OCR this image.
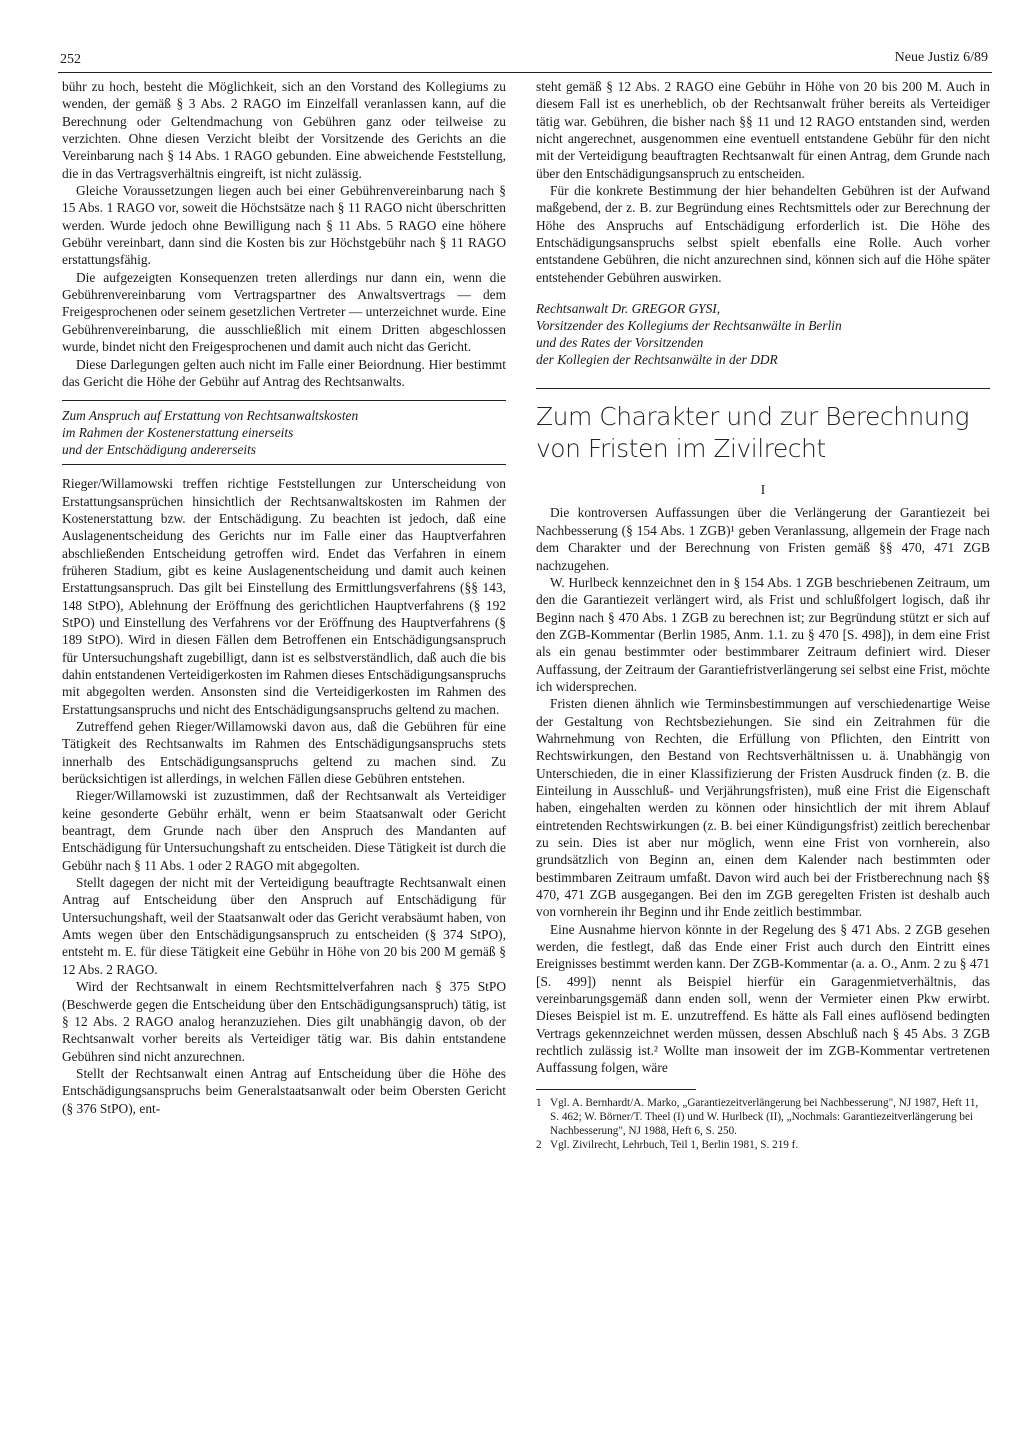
252	Neue Justiz 6/89

bühr zu hoch, besteht die Möglichkeit, sich an den Vorstand des Kollegiums zu wenden, der gemäß § 3 Abs. 2 RAGO im Einzelfall veranlassen kann, auf die Berechnung oder Geltendmachung von Gebühren ganz oder teilweise zu verzichten. Ohne diesen Verzicht bleibt der Vorsitzende des Gerichts an die Vereinbarung nach § 14 Abs. 1 RAGO gebunden. Eine abweichende Feststellung, die in das Vertragsverhältnis eingreift, ist nicht zulässig.

Gleiche Voraussetzungen liegen auch bei einer Gebührenvereinbarung nach § 15 Abs. 1 RAGO vor, soweit die Höchstsätze nach § 11 RAGO nicht überschritten werden. Wurde jedoch ohne Bewilligung nach § 11 Abs. 5 RAGO eine höhere Gebühr vereinbart, dann sind die Kosten bis zur Höchstgebühr nach § 11 RAGO erstattungsfähig.

Die aufgezeigten Konsequenzen treten allerdings nur dann ein, wenn die Gebührenvereinbarung vom Vertragspartner des Anwaltsvertrags — dem Freigesprochenen oder seinem gesetzlichen Vertreter — unterzeichnet wurde. Eine Gebührenvereinbarung, die ausschließlich mit einem Dritten abgeschlossen wurde, bindet nicht den Freigesprochenen und damit auch nicht das Gericht.

Diese Darlegungen gelten auch nicht im Falle einer Beiordnung. Hier bestimmt das Gericht die Höhe der Gebühr auf Antrag des Rechtsanwalts.

Zum Anspruch auf Erstattung von Rechtsanwaltskosten

im Rahmen der Kostenerstattung einerseits

und der Entschädigung andererseits

Rieger/Willamowski treffen richtige Feststellungen zur Unterscheidung von Erstattungsansprüchen hinsichtlich der Rechtsanwaltskosten im Rahmen der Kostenerstattung bzw. der Entschädigung. Zu beachten ist jedoch, daß eine Auslagenentscheidung des Gerichts nur im Falle einer das Hauptverfahren abschließenden Entscheidung getroffen wird. Endet das Verfahren in einem früheren Stadium, gibt es keine Auslagenentscheidung und damit auch keinen Erstattungsanspruch. Das gilt bei Einstellung des Ermittlungsverfahrens (§§ 143, 148 StPO), Ablehnung der Eröffnung des gerichtlichen Hauptverfahrens (§ 192 StPO) und Einstellung des Verfahrens vor der Eröffnung des Hauptverfahrens (§ 189 StPO). Wird in diesen Fällen dem Betroffenen ein Entschädigungsanspruch für Untersuchungshaft zugebilligt, dann ist es selbstverständlich, daß auch die bis dahin entstandenen Verteidigerkosten im Rahmen dieses Entschädigungsanspruchs mit abgegolten werden. Ansonsten sind die Verteidigerkosten im Rahmen des Erstattungsanspruchs und nicht des Entschädigungsanspruchs geltend zu machen.

Zutreffend gehen Rieger/Willamowski davon aus, daß die Gebühren für eine Tätigkeit des Rechtsanwalts im Rahmen des Entschädigungsanspruchs stets innerhalb des Entschädigungsanspruchs geltend zu machen sind. Zu berücksichtigen ist allerdings, in welchen Fällen diese Gebühren entstehen.

Rieger/Willamowski ist zuzustimmen, daß der Rechtsanwalt als Verteidiger keine gesonderte Gebühr erhält, wenn er beim Staatsanwalt oder Gericht beantragt, dem Grunde nach über den Anspruch des Mandanten auf Entschädigung für Untersuchungshaft zu entscheiden. Diese Tätigkeit ist durch die Gebühr nach § 11 Abs. 1 oder 2 RAGO mit abgegolten.

Stellt dagegen der nicht mit der Verteidigung beauftragte Rechtsanwalt einen Antrag auf Entscheidung über den Anspruch auf Entschädigung für Untersuchungshaft, weil der Staatsanwalt oder das Gericht verabsäumt haben, von Amts wegen über den Entschädigungsanspruch zu entscheiden (§ 374 StPO), entsteht m. E. für diese Tätigkeit eine Gebühr in Höhe von 20 bis 200 M gemäß § 12 Abs. 2 RAGO.

Wird der Rechtsanwalt in einem Rechtsmittelverfahren nach § 375 StPO (Beschwerde gegen die Entscheidung über den Entschädigungsanspruch) tätig, ist § 12 Abs. 2 RAGO analog heranzuziehen. Dies gilt unabhängig davon, ob der Rechtsanwalt vorher bereits als Verteidiger tätig war. Bis dahin entstandene Gebühren sind nicht anzurechnen.

Stellt der Rechtsanwalt einen Antrag auf Entscheidung über die Höhe des Entschädigungsanspruchs beim Generalstaatsanwalt oder beim Obersten Gericht (§ 376 StPO), ent-

steht gemäß § 12 Abs. 2 RAGO eine Gebühr in Höhe von 20 bis 200 M. Auch in diesem Fall ist es unerheblich, ob der Rechtsanwalt früher bereits als Verteidiger tätig war. Gebühren, die bisher nach §§ 11 und 12 RAGO entstanden sind, werden nicht angerechnet, ausgenommen eine eventuell entstandene Gebühr für den nicht mit der Verteidigung beauftragten Rechtsanwalt für einen Antrag, dem Grunde nach über den Entschädigungsanspruch zu entscheiden.

Für die konkrete Bestimmung der hier behandelten Gebühren ist der Aufwand maßgebend, der z. B. zur Begründung eines Rechtsmittels oder zur Berechnung der Höhe des Anspruchs auf Entschädigung erforderlich ist. Die Höhe des Entschädigungsanspruchs selbst spielt ebenfalls eine Rolle. Auch vorher entstandene Gebühren, die nicht anzurechnen sind, können sich auf die Höhe später entstehender Gebühren auswirken.

Rechtsanwalt Dr. GREGOR GYSI,
Vorsitzender des Kollegiums der Rechtsanwälte in Berlin
und des Rates der Vorsitzenden
der Kollegien der Rechtsanwälte in der DDR
Zum Charakter und zur Berechnung
von Fristen im Zivilrecht

I

Die kontroversen Auffassungen über die Verlängerung der Garantiezeit bei Nachbesserung (§ 154 Abs. 1 ZGB)¹ geben Veranlassung, allgemein der Frage nach dem Charakter und der Berechnung von Fristen gemäß §§ 470, 471 ZGB nachzugehen.

W. Hurlbeck kennzeichnet den in § 154 Abs. 1 ZGB beschriebenen Zeitraum, um den die Garantiezeit verlängert wird, als Frist und schlußfolgert logisch, daß ihr Beginn nach § 470 Abs. 1 ZGB zu berechnen ist; zur Begründung stützt er sich auf den ZGB-Kommentar (Berlin 1985, Anm. 1.1. zu § 470 [S. 498]), in dem eine Frist als ein genau bestimmter oder bestimmbarer Zeitraum definiert wird. Dieser Auffassung, der Zeitraum der Garantiefristverlängerung sei selbst eine Frist, möchte ich widersprechen.

Fristen dienen ähnlich wie Terminsbestimmungen auf verschiedenartige Weise der Gestaltung von Rechtsbeziehungen. Sie sind ein Zeitrahmen für die Wahrnehmung von Rechten, die Erfüllung von Pflichten, den Eintritt von Rechtswirkungen, den Bestand von Rechtsverhältnissen u. ä. Unabhängig von Unterschieden, die in einer Klassifizierung der Fristen Ausdruck finden (z. B. die Einteilung in Ausschluß- und Verjährungsfristen), muß eine Frist die Eigenschaft haben, eingehalten werden zu können oder hinsichtlich der mit ihrem Ablauf eintretenden Rechtswirkungen (z. B. bei einer Kündigungsfrist) zeitlich berechenbar zu sein. Dies ist aber nur möglich, wenn eine Frist von vornherein, also grundsätzlich von Beginn an, einen dem Kalender nach bestimmten oder bestimmbaren Zeitraum umfaßt. Davon wird auch bei der Fristberechnung nach §§ 470, 471 ZGB ausgegangen. Bei den im ZGB geregelten Fristen ist deshalb auch von vornherein ihr Beginn und ihr Ende zeitlich bestimmbar.

Eine Ausnahme hiervon könnte in der Regelung des § 471 Abs. 2 ZGB gesehen werden, die festlegt, daß das Ende einer Frist auch durch den Eintritt eines Ereignisses bestimmt werden kann. Der ZGB-Kommentar (a. a. O., Anm. 2 zu § 471 [S. 499]) nennt als Beispiel hierfür ein Garagenmietverhältnis, das vereinbarungsgemäß dann enden soll, wenn der Vermieter einen Pkw erwirbt. Dieses Beispiel ist m. E. unzutreffend. Es hätte als Fall eines auflösend bedingten Vertrags gekennzeichnet werden müssen, dessen Abschluß nach § 45 Abs. 3 ZGB rechtlich zulässig ist.² Wollte man insoweit der im ZGB-Kommentar vertretenen Auffassung folgen, wäre

1 Vgl. A. Bernhardt/A. Marko, „Garantiezeitverlängerung bei Nachbesserung", NJ 1987, Heft 11, S. 462; W. Börner/T. Theel (I) und W. Hurlbeck (II), „Nochmals: Garantiezeitverlängerung bei Nachbesserung", NJ 1988, Heft 6, S. 250.
2 Vgl. Zivilrecht, Lehrbuch, Teil 1, Berlin 1981, S. 219 f.
